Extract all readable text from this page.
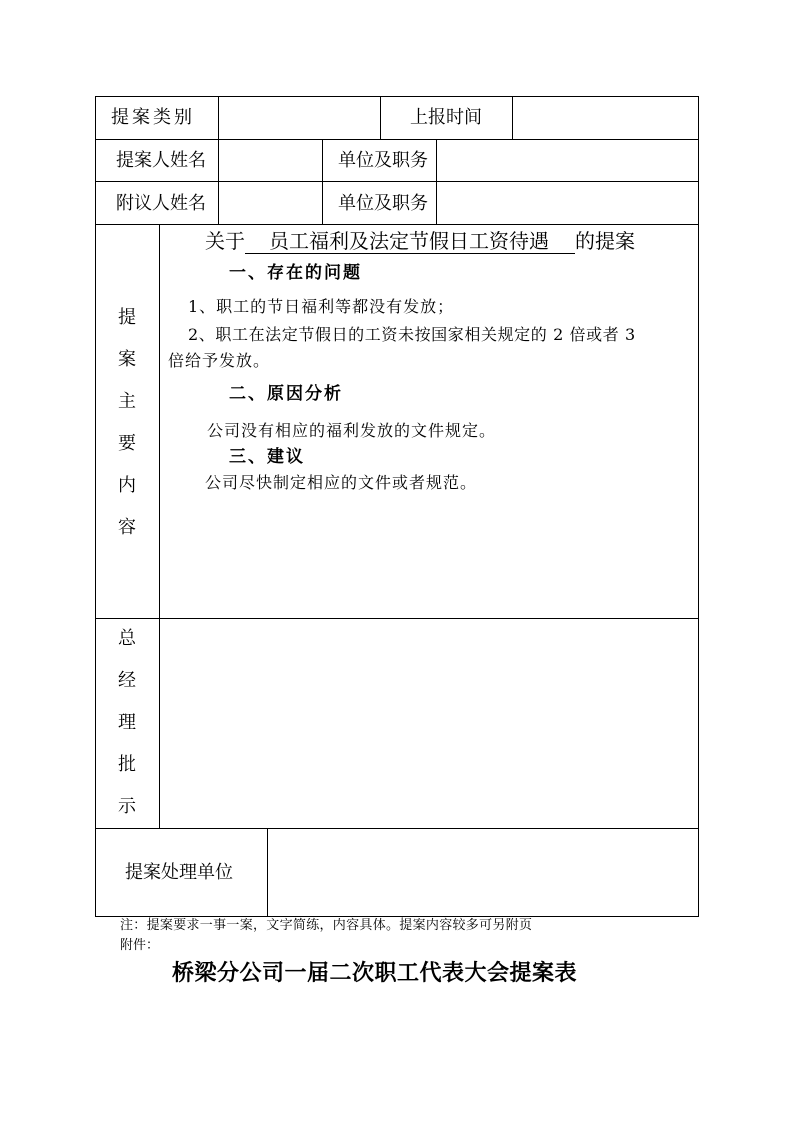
提案类别	上报时间
提案人姓名	单位及职务
附议人姓名	单位及职务
提
案
主
要
内
容
关于 员工福利及法定节假日工资待遇 的提案
一、存在的问题
1、职工的节日福利等都没有发放；
2、职工在法定节假日的工资未按国家相关规定的 2 倍或者 3
倍给予发放。
二、原因分析
公司没有相应的福利发放的文件规定。
三、建议
公司尽快制定相应的文件或者规范。
总
经
理
批
示
提案处理单位
注：提案要求一事一案，文字简练，内容具体。提案内容较多可另附页
附件：
桥梁分公司一届二次职工代表大会提案表
